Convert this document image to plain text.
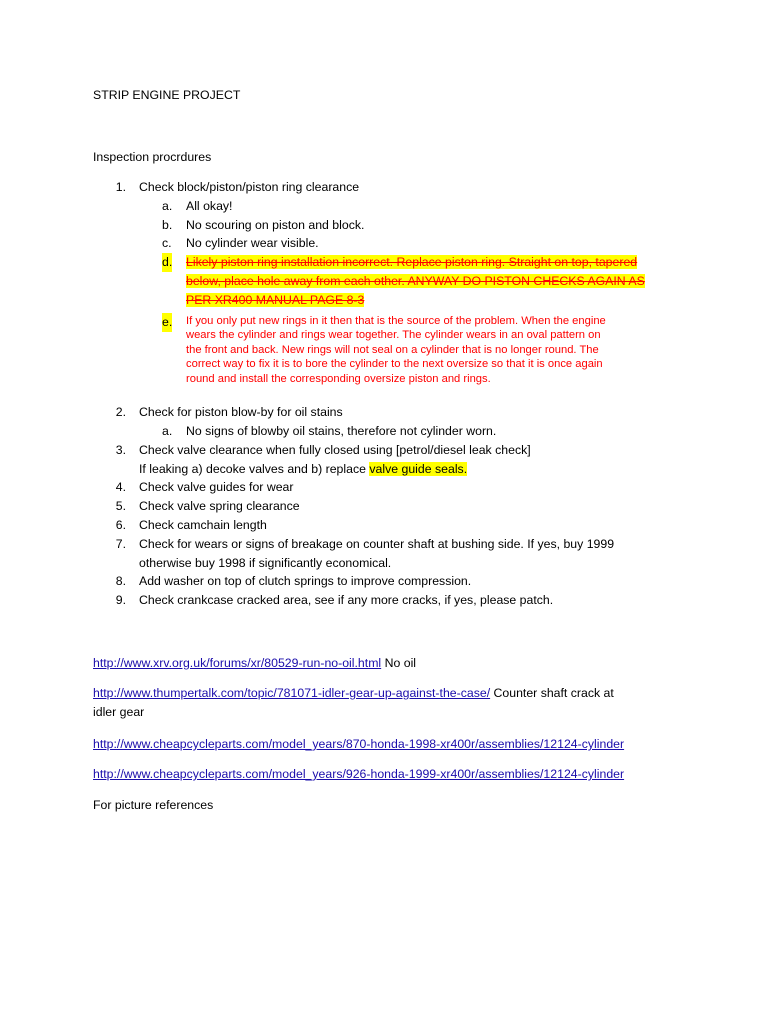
STRIP ENGINE PROJECT
Inspection procrdures
1. Check block/piston/piston ring clearance
a. All okay!
b. No scouring on piston and block.
c. No cylinder wear visible.
d. Likely piston ring installation incorrect. Replace piston ring. Straight on top, tapered
below, place hole away from each other. ANYWAY DO PISTON CHECKS AGAIN AS
PER XR400 MANUAL PAGE 8-3
e. If you only put new rings in it then that is the source of the problem. When the engine
wears the cylinder and rings wear together. The cylinder wears in an oval pattern on
the front and back. New rings will not seal on a cylinder that is no longer round. The
correct way to fix it is to bore the cylinder to the next oversize so that it is once again
round and install the corresponding oversize piston and rings.
2. Check for piston blow-by for oil stains
a. No signs of blowby oil stains, therefore not cylinder worn.
3. Check valve clearance when fully closed using [petrol/diesel leak check]
If leaking a) decoke valves and b) replace valve guide seals.
4. Check valve guides for wear
5. Check valve spring clearance
6. Check camchain length
7. Check for wears or signs of breakage on counter shaft at bushing side. If yes, buy 1999
otherwise buy 1998 if significantly economical.
8. Add washer on top of clutch springs to improve compression.
9. Check crankcase cracked area, see if any more cracks, if yes, please patch.
http://www.xrv.org.uk/forums/xr/80529-run-no-oil.html No oil
http://www.thumpertalk.com/topic/781071-idler-gear-up-against-the-case/ Counter shaft crack at
idler gear
http://www.cheapcycleparts.com/model_years/870-honda-1998-xr400r/assemblies/12124-cylinder
http://www.cheapcycleparts.com/model_years/926-honda-1999-xr400r/assemblies/12124-cylinder
For picture references
